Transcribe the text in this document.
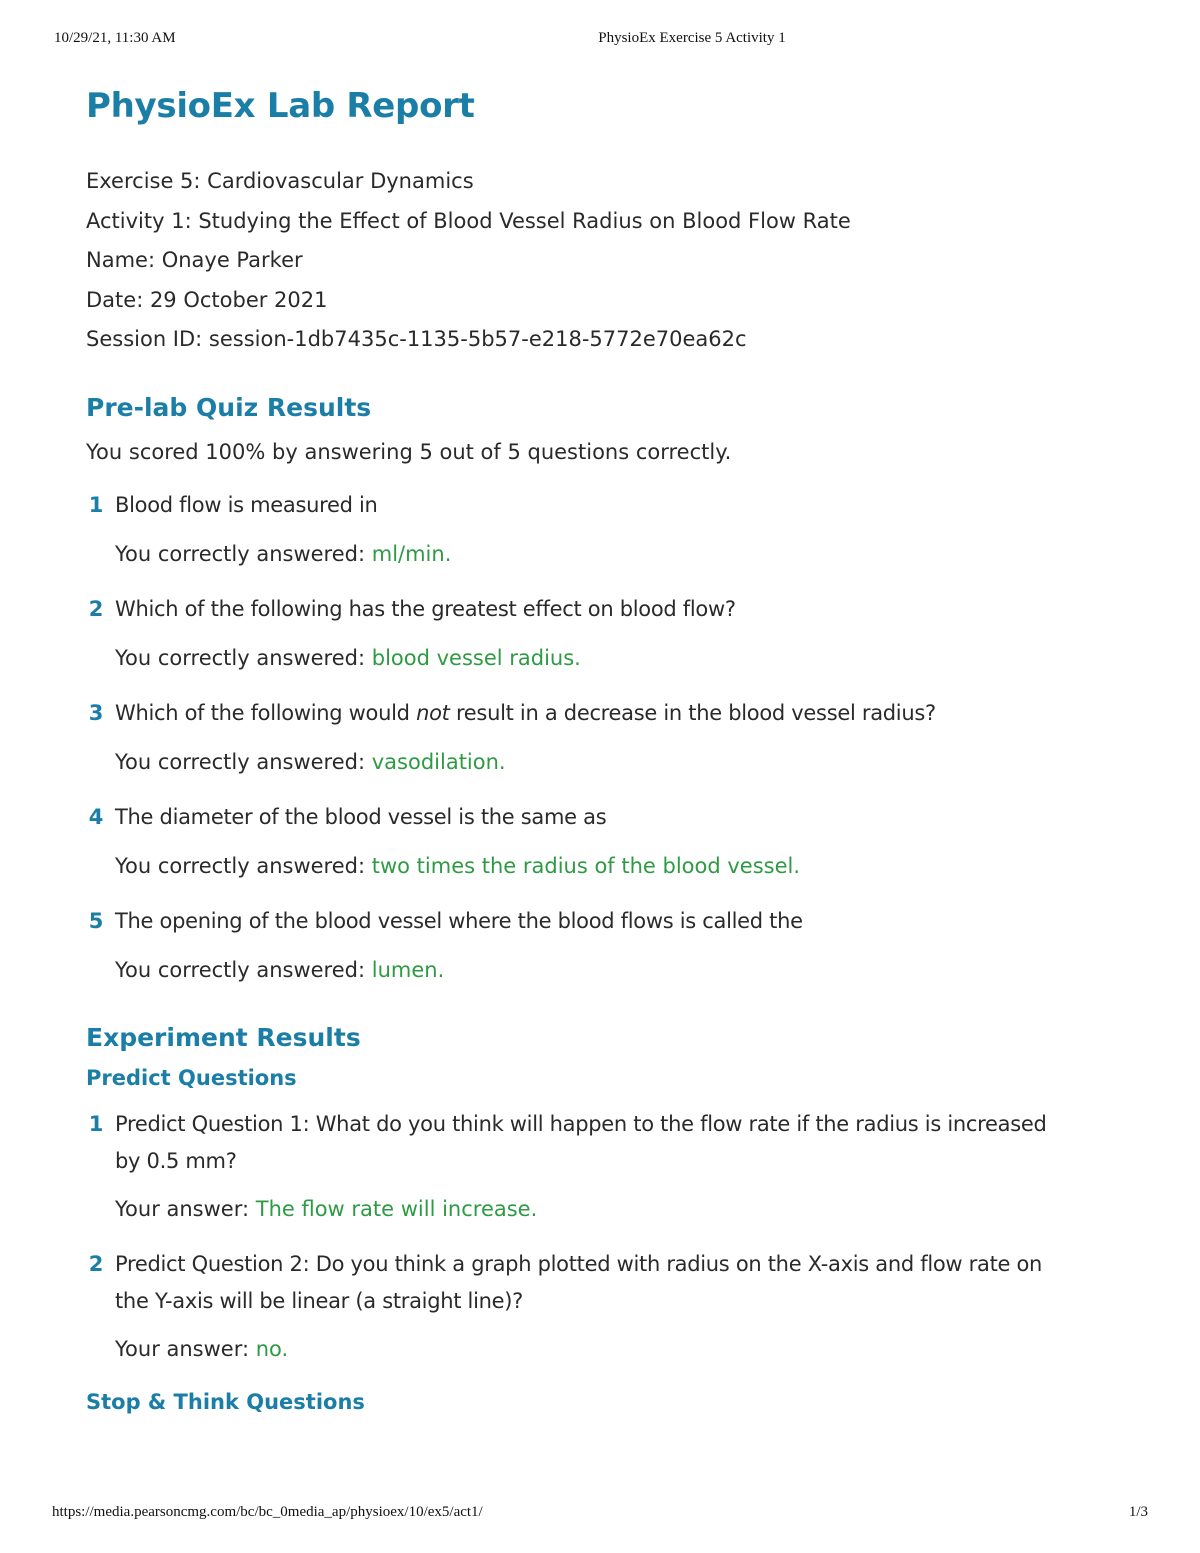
10/29/21, 11:30 AM	PhysioEx Exercise 5 Activity 1
PhysioEx Lab Report
Exercise 5: Cardiovascular Dynamics
Activity 1: Studying the Effect of Blood Vessel Radius on Blood Flow Rate
Name: Onaye Parker
Date: 29 October 2021
Session ID: session-1db7435c-1135-5b57-e218-5772e70ea62c
Pre-lab Quiz Results
You scored 100% by answering 5 out of 5 questions correctly.
1 Blood flow is measured in
You correctly answered: ml/min.
2 Which of the following has the greatest effect on blood flow?
You correctly answered: blood vessel radius.
3 Which of the following would not result in a decrease in the blood vessel radius?
You correctly answered: vasodilation.
4 The diameter of the blood vessel is the same as
You correctly answered: two times the radius of the blood vessel.
5 The opening of the blood vessel where the blood flows is called the
You correctly answered: lumen.
Experiment Results
Predict Questions
1 Predict Question 1: What do you think will happen to the flow rate if the radius is increased
by 0.5 mm?
Your answer: The flow rate will increase.
2 Predict Question 2: Do you think a graph plotted with radius on the X-axis and flow rate on
the Y-axis will be linear (a straight line)?
Your answer: no.
Stop & Think Questions
https://media.pearsoncmg.com/bc/bc_0media_ap/physioex/10/ex5/act1/	1/3
